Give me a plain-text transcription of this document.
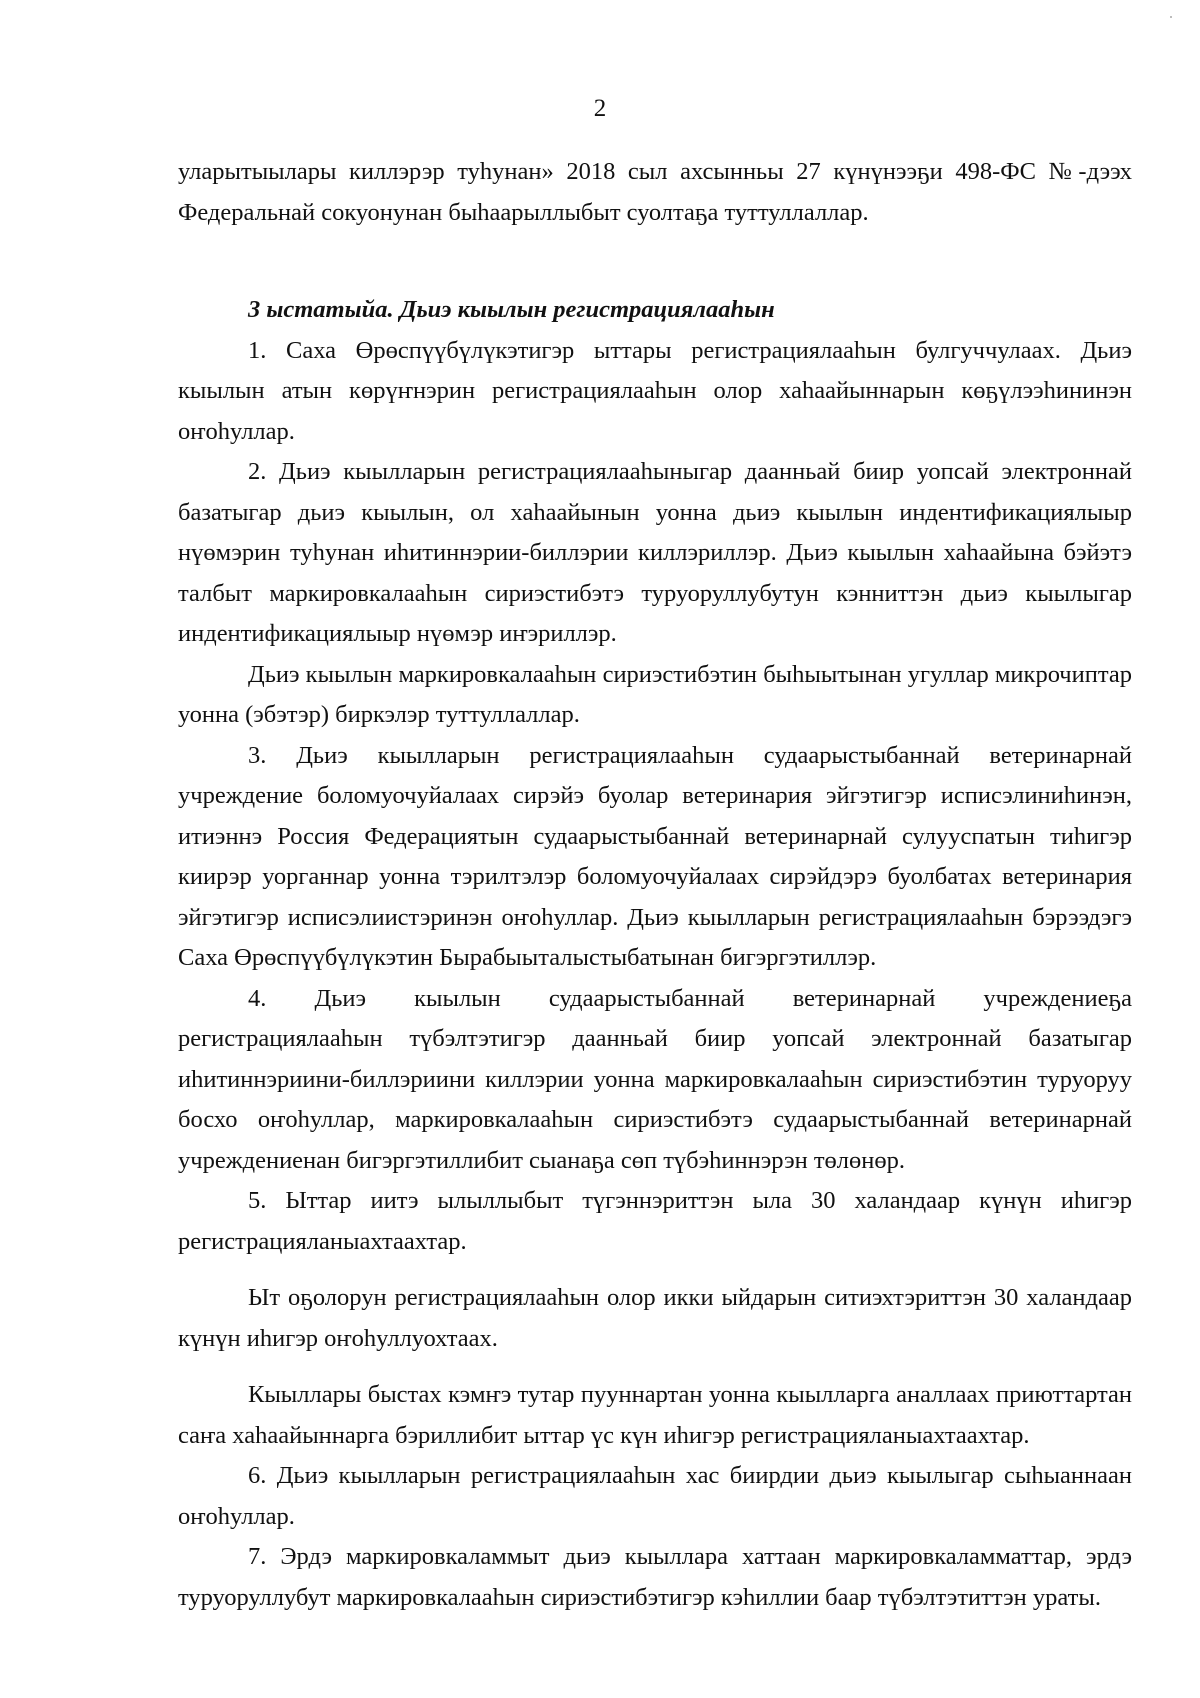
2

уларытыылары киллэрэр туһунан» 2018 сыл ахсынньы 27 күнүнээҕи 498-ФС №-дээх Федеральнай сокуонунан быһаарыллыбыт суолтаҕа туттуллаллар.

3 ыстатыйа. Дьиэ кыылын регистрациялааһын

1. Саха Өрөспүүбүлүкэтигэр ыттары регистрациялааһын булгуччулаах. Дьиэ кыылын атын көрүҥнэрин регистрациялааһын олор хаһаайыннарын көҕүлээһининэн оҥоһуллар.

2. Дьиэ кыылларын регистрациялааһыныгар даанньай биир уопсай электроннай базатыгар дьиэ кыылын, ол хаһаайынын уонна дьиэ кыылын индентификациялыыр нүөмэрин туһунан иһитиннэрии-биллэрии киллэриллэр. Дьиэ кыылын хаһаайына бэйэтэ талбыт маркировкалааһын сириэстибэтэ туруоруллубутун кэнниттэн дьиэ кыылыгар индентификациялыыр нүөмэр иҥэриллэр.

Дьиэ кыылын маркировкалааһын сириэстибэтин быһыытынан угуллар микрочиптар уонна (эбэтэр) биркэлэр туттуллаллар.

3. Дьиэ кыылларын регистрациялааһын судаарыстыбаннай ветеринарнай учреждение боломуочуйалаах сирэйэ буолар ветеринария эйгэтигэр исписэлиниһинэн, итиэннэ Россия Федерациятын судаарыстыбаннай ветеринарнай сулууспатын тиһигэр киирэр уорганнар уонна тэрилтэлэр боломуочуйалаах сирэйдэрэ буолбатах ветеринария эйгэтигэр исписэлиистэринэн оҥоһуллар. Дьиэ кыылларын регистрациялааһын бэрээдэгэ Саха Өрөспүүбүлүкэтин Бырабыыталыстыбатынан бигэргэтиллэр.

4. Дьиэ кыылын судаарыстыбаннай ветеринарнай учреждениеҕа регистрациялааһын түбэлтэтигэр даанньай биир уопсай электроннай базатыгар иһитиннэриини-биллэриини киллэрии уонна маркировкалааһын сириэстибэтин туруоруу босхо оҥоһуллар, маркировкалааһын сириэстибэтэ судаарыстыбаннай ветеринарнай учреждениенан бигэргэтиллибит сыанаҕа сөп түбэһиннэрэн төлөнөр.

5. Ыттар иитэ ылыллыбыт түгэннэриттэн ыла 30 халандаар күнүн иһигэр регистрацияланыахтаахтар.

Ыт оҕолорун регистрациялааһын олор икки ыйдарын ситиэхтэриттэн 30 халандаар күнүн иһигэр оҥоһуллуохтаах.

Кыыллары быстах кэмҥэ тутар пууннартан уонна кыылларга аналлаах приюттартан саҥа хаһаайыннарга бэриллибит ыттар үс күн иһигэр регистрацияланыахтаахтар.

6. Дьиэ кыылларын регистрациялааһын хас биирдии дьиэ кыылыгар сыһыаннаан оҥоһуллар.

7. Эрдэ маркировкаламмыт дьиэ кыыллара хаттаан маркировкаламматтар, эрдэ туруоруллубут маркировкалааһын сириэстибэтигэр кэһиллии баар түбэлтэтиттэн ураты.
